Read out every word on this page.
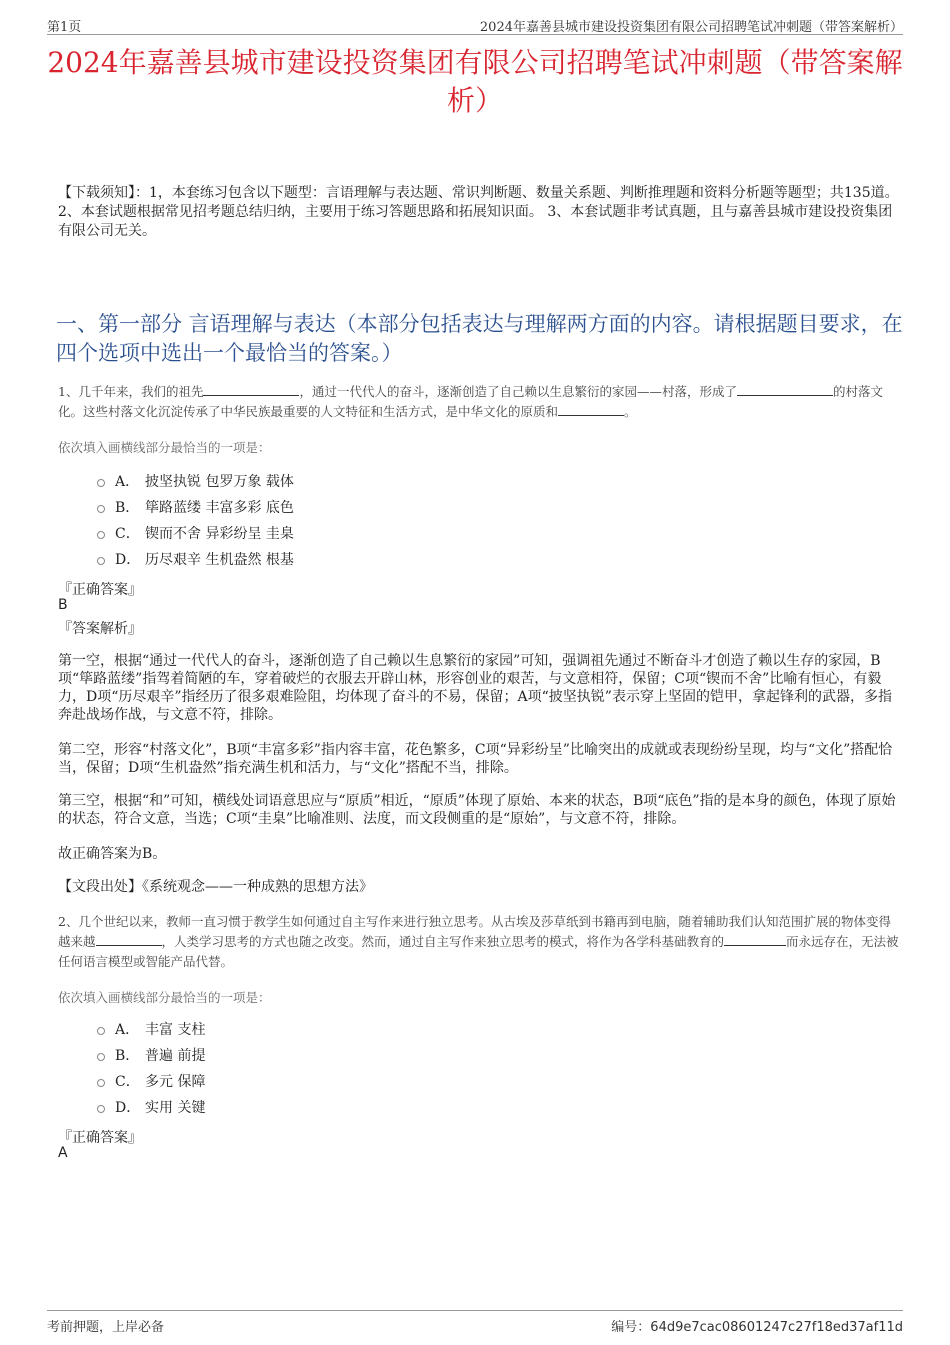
第1页	2024年嘉善县城市建设投资集团有限公司招聘笔试冲刺题（带答案解析）
2024年嘉善县城市建设投资集团有限公司招聘笔试冲刺题（带答案解析）
【下载须知】：1，本套练习包含以下题型：言语理解与表达题、常识判断题、数量关系题、判断推理题和资料分析题等题型；共135道。 2、本套试题根据常见招考题总结归纳，主要用于练习答题思路和拓展知识面。 3、本套试题非考试真题，且与嘉善县城市建设投资集团有限公司无关。
一、第一部分 言语理解与表达（本部分包括表达与理解两方面的内容。请根据题目要求，在四个选项中选出一个最恰当的答案。）
1、几千年来，我们的祖先	，通过一代代人的奋斗，逐渐创造了自己赖以生息繁衍的家园——村落，形成了	的村落文化。这些村落文化沉淀传承了中华民族最重要的人文特征和生活方式，是中华文化的原质和	。
依次填入画横线部分最恰当的一项是：
A． 披坚执锐 包罗万象 载体
B． 筚路蓝缕 丰富多彩 底色
C． 锲而不舍 异彩纷呈 圭臬
D． 历尽艰辛 生机盎然 根基
『正确答案』
B
『答案解析』
第一空，根据“通过一代代人的奋斗，逐渐创造了自己赖以生息繁衍的家园”可知，强调祖先通过不断奋斗才创造了赖以生存的家园，B项“筚路蓝缕”指驾着简陋的车，穿着破烂的衣服去开辟山林，形容创业的艰苦，与文意相符，保留；C项“锲而不舍”比喻有恒心，有毅力，D项“历尽艰辛”指经历了很多艰难险阻，均体现了奋斗的不易，保留；A项“披坚执锐”表示穿上坚固的铠甲，拿起锋利的武器，多指奔赴战场作战，与文意不符，排除。
第二空，形容“村落文化”，B项“丰富多彩”指内容丰富，花色繁多，C项“异彩纷呈”比喻突出的成就或表现纷纷呈现，均与“文化”搭配恰当，保留；D项“生机盎然”指充满生机和活力，与“文化”搭配不当，排除。
第三空，根据“和”可知，横线处词语意思应与“原质”相近，“原质”体现了原始、本来的状态，B项“底色”指的是本身的颜色，体现了原始的状态，符合文意，当选；C项“圭臬”比喻准则、法度，而文段侧重的是“原始”，与文意不符，排除。
故正确答案为B。
【文段出处】《系统观念——一种成熟的思想方法》
2、几个世纪以来，教师一直习惯于教学生如何通过自主写作来进行独立思考。从古埃及莎草纸到书籍再到电脑，随着辅助我们认知范围扩展的物体变得越来越	，人类学习思考的方式也随之改变。然而，通过自主写作来独立思考的模式，将作为各学科基础教育的	而永远存在，无法被任何语言模型或智能产品代替。
依次填入画横线部分最恰当的一项是：
A． 丰富 支柱
B． 普遍 前提
C． 多元 保障
D． 实用 关键
『正确答案』
A
考前押题，上岸必备	编号：64d9e7cac08601247c27f18ed37af11d
